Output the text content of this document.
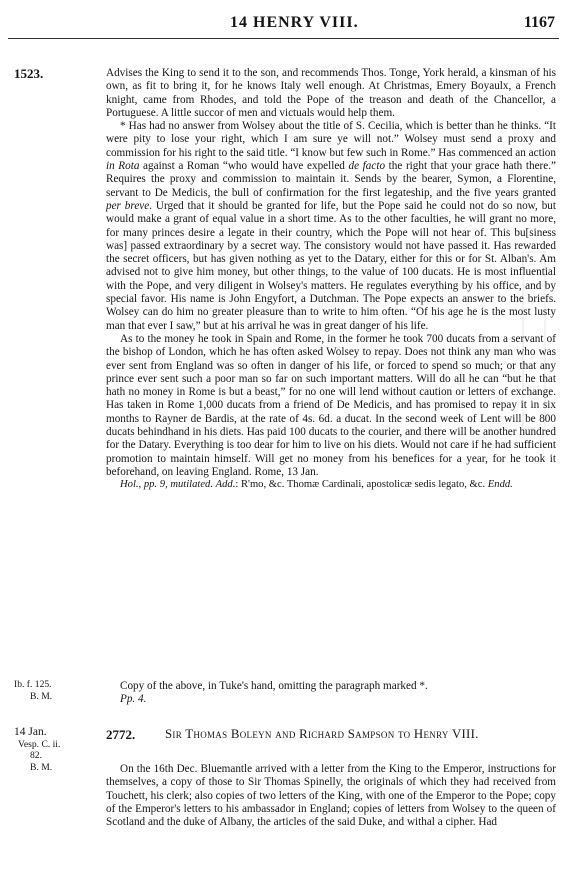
14 HENRY VIII.	1167
1523.	Advises the King to send it to the son, and recommends Thos. Tonge, York herald, a kinsman of his own, as fit to bring it, for he knows Italy well enough. At Christmas, Emery Boyaulx, a French knight, came from Rhodes, and told the Pope of the treason and death of the Chancellor, a Portuguese. A little succor of men and victuals would help them.

* Has had no answer from Wolsey about the title of S. Cecilia, which is better than he thinks. “It were pity to lose your right, which I am sure ye will not.” Wolsey must send a proxy and commission for his right to the said title. “I know but few such in Rome.” Has commenced an action in Rota against a Roman “who would have expelled de facto the right that your grace hath there.” Requires the proxy and commission to maintain it. Sends by the bearer, Symon, a Florentine, servant to De Medicis, the bull of confirmation for the first legateship, and the five years granted per breve. Urged that it should be granted for life, but the Pope said he could not do so now, but would make a grant of equal value in a short time. As to the other faculties, he will grant no more, for many princes desire a legate in their country, which the Pope will not hear of. This bu[siness was] passed extraordinary by a secret way. The consistory would not have passed it. Has rewarded the secret officers, but has given nothing as yet to the Datary, either for this or for St. Alban's. Am advised not to give him money, but other things, to the value of 100 ducats. He is most influential with the Pope, and very diligent in Wolsey's matters. He regulates everything by his office, and by special favor. His name is John Engyfort, a Dutchman. The Pope expects an answer to the briefs. Wolsey can do him no greater pleasure than to write to him often. “Of his age he is the most lusty man that ever I saw,” but at his arrival he was in great danger of his life.

As to the money he took in Spain and Rome, in the former he took 700 ducats from a servant of the bishop of London, which he has often asked Wolsey to repay. Does not think any man who was ever sent from England was so often in danger of his life, or forced to spend so much; or that any prince ever sent such a poor man so far on such important matters. Will do all he can “but he that hath no money in Rome is but a beast,” for no one will lend without caution or letters of exchange. Has taken in Rome 1,000 ducats from a friend of De Medicis, and has promised to repay it in six months to Rayner de Bardis, at the rate of 4s. 6d. a ducat. In the second week of Lent will be 800 ducats behindhand in his diets. Has paid 100 ducats to the courier, and there will be another hundred for the Datary. Everything is too dear for him to live on his diets. Would not care if he had sufficient promotion to maintain himself. Will get no money from his benefices for a year, for he took it beforehand, on leaving England. Rome, 13 Jan.

Hol., pp. 9, mutilated. Add.: R'mo, &c. Thomæ Cardinali, apostolicæ sedis legato, &c. Endd.

Ib. f. 125.
B. M.

Copy of the above, in Tuke's hand, omitting the paragraph marked *.

Pp. 4.

14 Jan.
Vesp. C. ii.
82.
B. M.
2772. Sir Thomas Boleyn and Richard Sampson to Henry VIII.

On the 16th Dec. Bluemantle arrived with a letter from the King to the Emperor, instructions for themselves, a copy of those to Sir Thomas Spinelly, the originals of which they had received from Touchett, his clerk; also copies of two letters of the King, with one of the Emperor to the Pope; copy of the Emperor's letters to his ambassador in England; copies of letters from Wolsey to the queen of Scotland and the duke of Albany, the articles of the said Duke, and withal a cipher. Had
